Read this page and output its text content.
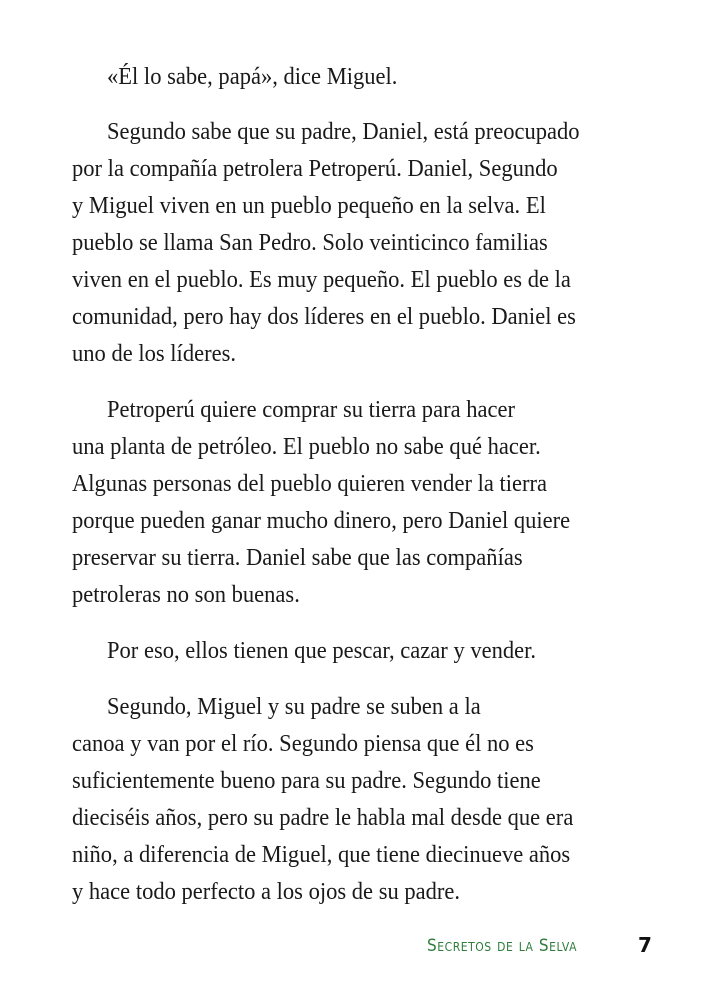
«Él lo sabe, papá», dice Miguel.
Segundo sabe que su padre, Daniel, está preocupado
por la compañía petrolera Petroperú. Daniel, Segundo
y Miguel viven en un pueblo pequeño en la selva. El
pueblo se llama San Pedro. Solo veinticinco familias
viven en el pueblo. Es muy pequeño. El pueblo es de la
comunidad, pero hay dos líderes en el pueblo. Daniel es
uno de los líderes.
Petroperú quiere comprar su tierra para hacer
una planta de petróleo. El pueblo no sabe qué hacer.
Algunas personas del pueblo quieren vender la tierra
porque pueden ganar mucho dinero, pero Daniel quiere
preservar su tierra. Daniel sabe que las compañías
petroleras no son buenas.
Por eso, ellos tienen que pescar, cazar y vender.
Segundo, Miguel y su padre se suben a la
canoa y van por el río. Segundo piensa que él no es
suficientemente bueno para su padre. Segundo tiene
dieciséis años, pero su padre le habla mal desde que era
niño, a diferencia de Miguel, que tiene diecinueve años
y hace todo perfecto a los ojos de su padre.
Secretos de la Selva	7
